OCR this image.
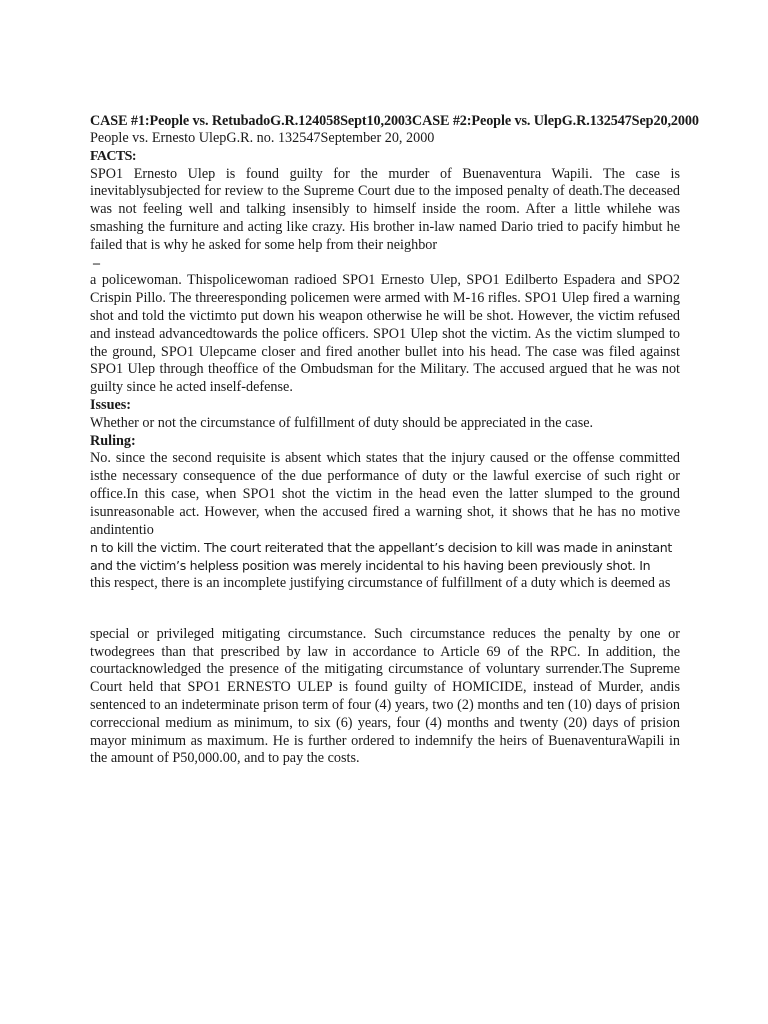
CASE #1:People vs. RetubadoG.R.124058Sept10,2003CASE #2:People vs. UlepG.R.132547Sep20,2000
People vs. Ernesto UlepG.R. no. 132547September 20, 2000
FACTS:

SPO1 Ernesto Ulep is found guilty for the murder of Buenaventura Wapili. The case is inevitablysubjected for review to the Supreme Court due to the imposed penalty of death.The deceased was not feeling well and talking insensibly to himself inside the room. After a little whilehe was smashing the furniture and acting like crazy. His brother in-law named Dario tried to pacify himbut he failed that is why he asked for some help from their neighbor

–

a policewoman. Thispolicewoman radioed SPO1 Ernesto Ulep, SPO1 Edilberto Espadera and SPO2 Crispin Pillo. The threeresponding policemen were armed with M-16 rifles. SPO1 Ulep fired a warning shot and told the victimto put down his weapon otherwise he will be shot. However, the victim refused and instead advancedtowards the police officers. SPO1 Ulep shot the victim. As the victim slumped to the ground, SPO1 Ulepcame closer and fired another bullet into his head. The case was filed against SPO1 Ulep through theoffice of the Ombudsman for the Military. The accused argued that he was not guilty since he acted inself-defense.

Issues:

Whether or not the circumstance of fulfillment of duty should be appreciated in the case.

Ruling:

No. since the second requisite is absent which states that the injury caused or the offense committed isthe necessary consequence of the due performance of duty or the lawful exercise of such right or office.In this case, when SPO1 shot the victim in the head even the latter slumped to the ground isunreasonable act. However, when the accused fired a warning shot, it shows that he has no motive andintentio

n to kill the victim. The court reiterated that the appellant’s decision to kill was made in aninstant

and the victim’s helpless position was merely incidental to his having been previously shot. In

this respect, there is an incomplete justifying circumstance of fulfillment of a duty which is deemed as

special or privileged mitigating circumstance. Such circumstance reduces the penalty by one or twodegrees than that prescribed by law in accordance to Article 69 of the RPC. In addition, the courtacknowledged the presence of the mitigating circumstance of voluntary surrender.The Supreme Court held that SPO1 ERNESTO ULEP is found guilty of HOMICIDE, instead of Murder, andis sentenced to an indeterminate prison term of four (4) years, two (2) months and ten (10) days of prision correccional medium as minimum, to six (6) years, four (4) months and twenty (20) days of prision mayor minimum as maximum. He is further ordered to indemnify the heirs of BuenaventuraWapili in the amount of P50,000.00, and to pay the costs.
